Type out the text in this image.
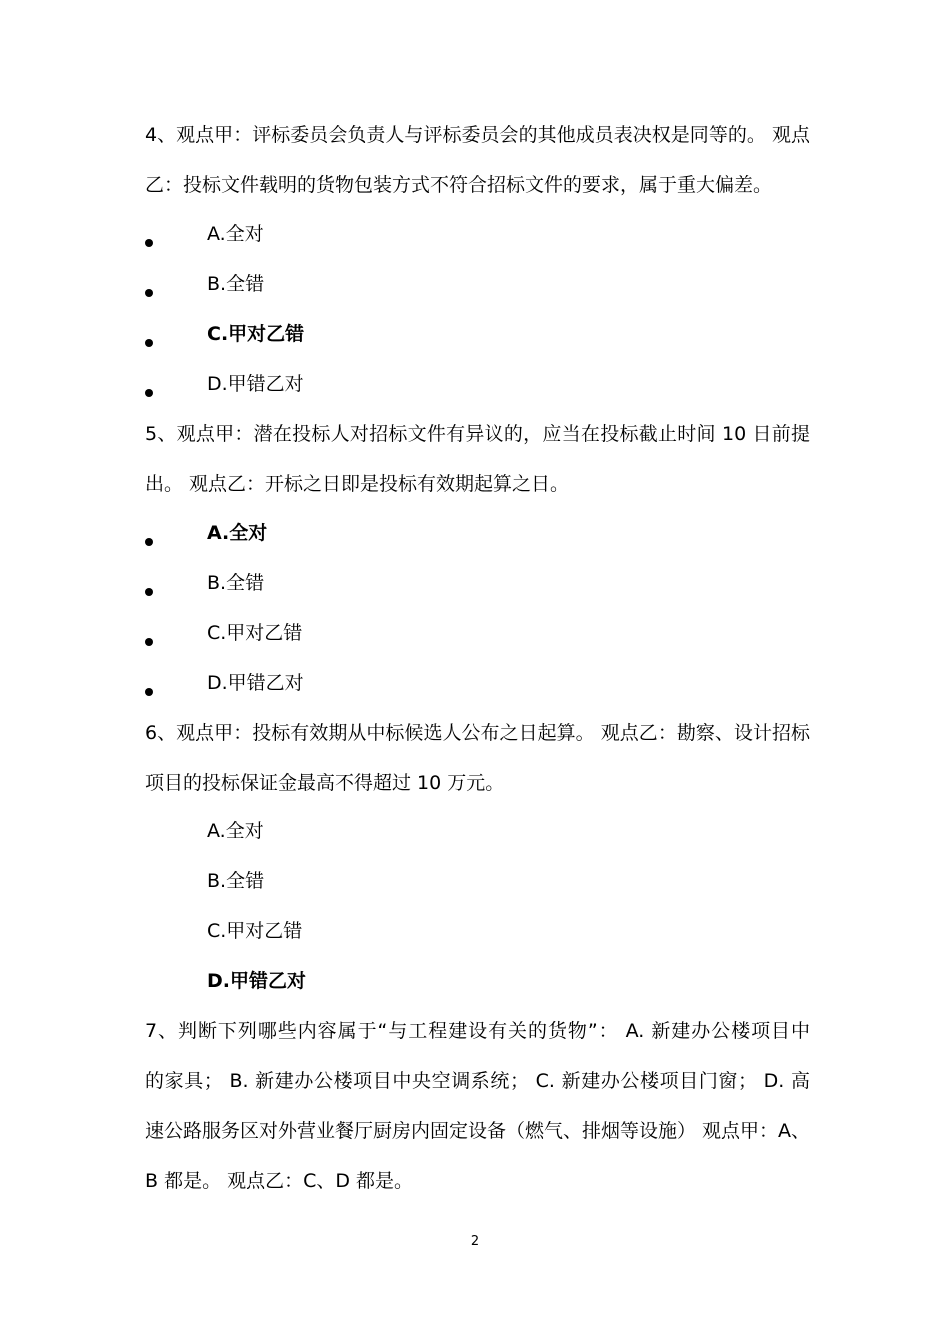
4、观点甲：评标委员会负责人与评标委员会的其他成员表决权是同等的。 观点
乙：投标文件载明的货物包装方式不符合招标文件的要求，属于重大偏差。
A.全对
B.全错
C.甲对乙错
D.甲错乙对
5、观点甲：潜在投标人对招标文件有异议的，应当在投标截止时间 10 日前提
出。 观点乙：开标之日即是投标有效期起算之日。
A.全对
B.全错
C.甲对乙错
D.甲错乙对
6、观点甲：投标有效期从中标候选人公布之日起算。 观点乙：勘察、设计招标
项目的投标保证金最高不得超过 10 万元。
A.全对
B.全错
C.甲对乙错
D.甲错乙对
7、判断下列哪些内容属于“与工程建设有关的货物”： A. 新建办公楼项目中
的家具； B. 新建办公楼项目中央空调系统； C. 新建办公楼项目门窗； D. 高
速公路服务区对外营业餐厅厨房内固定设备（燃气、排烟等设施） 观点甲：A、
B 都是。 观点乙：C、D 都是。
2
